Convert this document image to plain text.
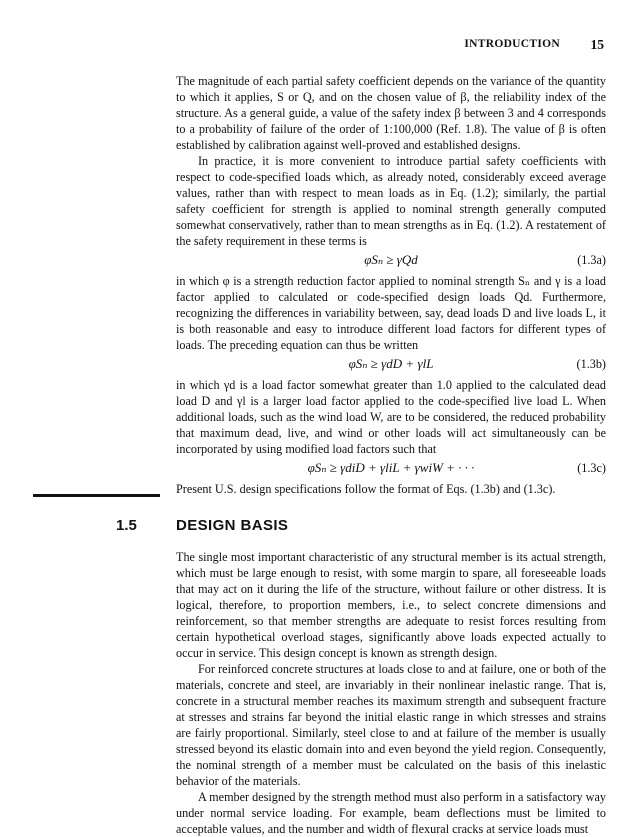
INTRODUCTION 15

The magnitude of each partial safety coefficient depends on the variance of the quantity to which it applies, S or Q, and on the chosen value of β, the reliability index of the structure. As a general guide, a value of the safety index β between 3 and 4 corresponds to a probability of failure of the order of 1:100,000 (Ref. 1.8). The value of β is often established by calibration against well-proved and established designs.

In practice, it is more convenient to introduce partial safety coefficients with respect to code-specified loads which, as already noted, considerably exceed average values, rather than with respect to mean loads as in Eq. (1.2); similarly, the partial safety coefficient for strength is applied to nominal strength generally computed somewhat conservatively, rather than to mean strengths as in Eq. (1.2). A restatement of the safety requirement in these terms is

φSₙ ≥ γQd	(1.3a)

in which φ is a strength reduction factor applied to nominal strength Sₙ and γ is a load factor applied to calculated or code-specified design loads Qd. Furthermore, recognizing the differences in variability between, say, dead loads D and live loads L, it is both reasonable and easy to introduce different load factors for different types of loads. The preceding equation can thus be written

φSₙ ≥ γdD + γlL	(1.3b)

in which γd is a load factor somewhat greater than 1.0 applied to the calculated dead load D and γl is a larger load factor applied to the code-specified live load L. When additional loads, such as the wind load W, are to be considered, the reduced probability that maximum dead, live, and wind or other loads will act simultaneously can be incorporated by using modified load factors such that

φSₙ ≥ γdiD + γliL + γwiW + · · ·	(1.3c)

Present U.S. design specifications follow the format of Eqs. (1.3b) and (1.3c).

1.5	DESIGN BASIS

The single most important characteristic of any structural member is its actual strength, which must be large enough to resist, with some margin to spare, all foreseeable loads that may act on it during the life of the structure, without failure or other distress. It is logical, therefore, to proportion members, i.e., to select concrete dimensions and reinforcement, so that member strengths are adequate to resist forces resulting from certain hypothetical overload stages, significantly above loads expected actually to occur in service. This design concept is known as strength design.

For reinforced concrete structures at loads close to and at failure, one or both of the materials, concrete and steel, are invariably in their nonlinear inelastic range. That is, concrete in a structural member reaches its maximum strength and subsequent fracture at stresses and strains far beyond the initial elastic range in which stresses and strains are fairly proportional. Similarly, steel close to and at failure of the member is usually stressed beyond its elastic domain into and even beyond the yield region. Consequently, the nominal strength of a member must be calculated on the basis of this inelastic behavior of the materials.

A member designed by the strength method must also perform in a satisfactory way under normal service loading. For example, beam deflections must be limited to acceptable values, and the number and width of flexural cracks at service loads must
